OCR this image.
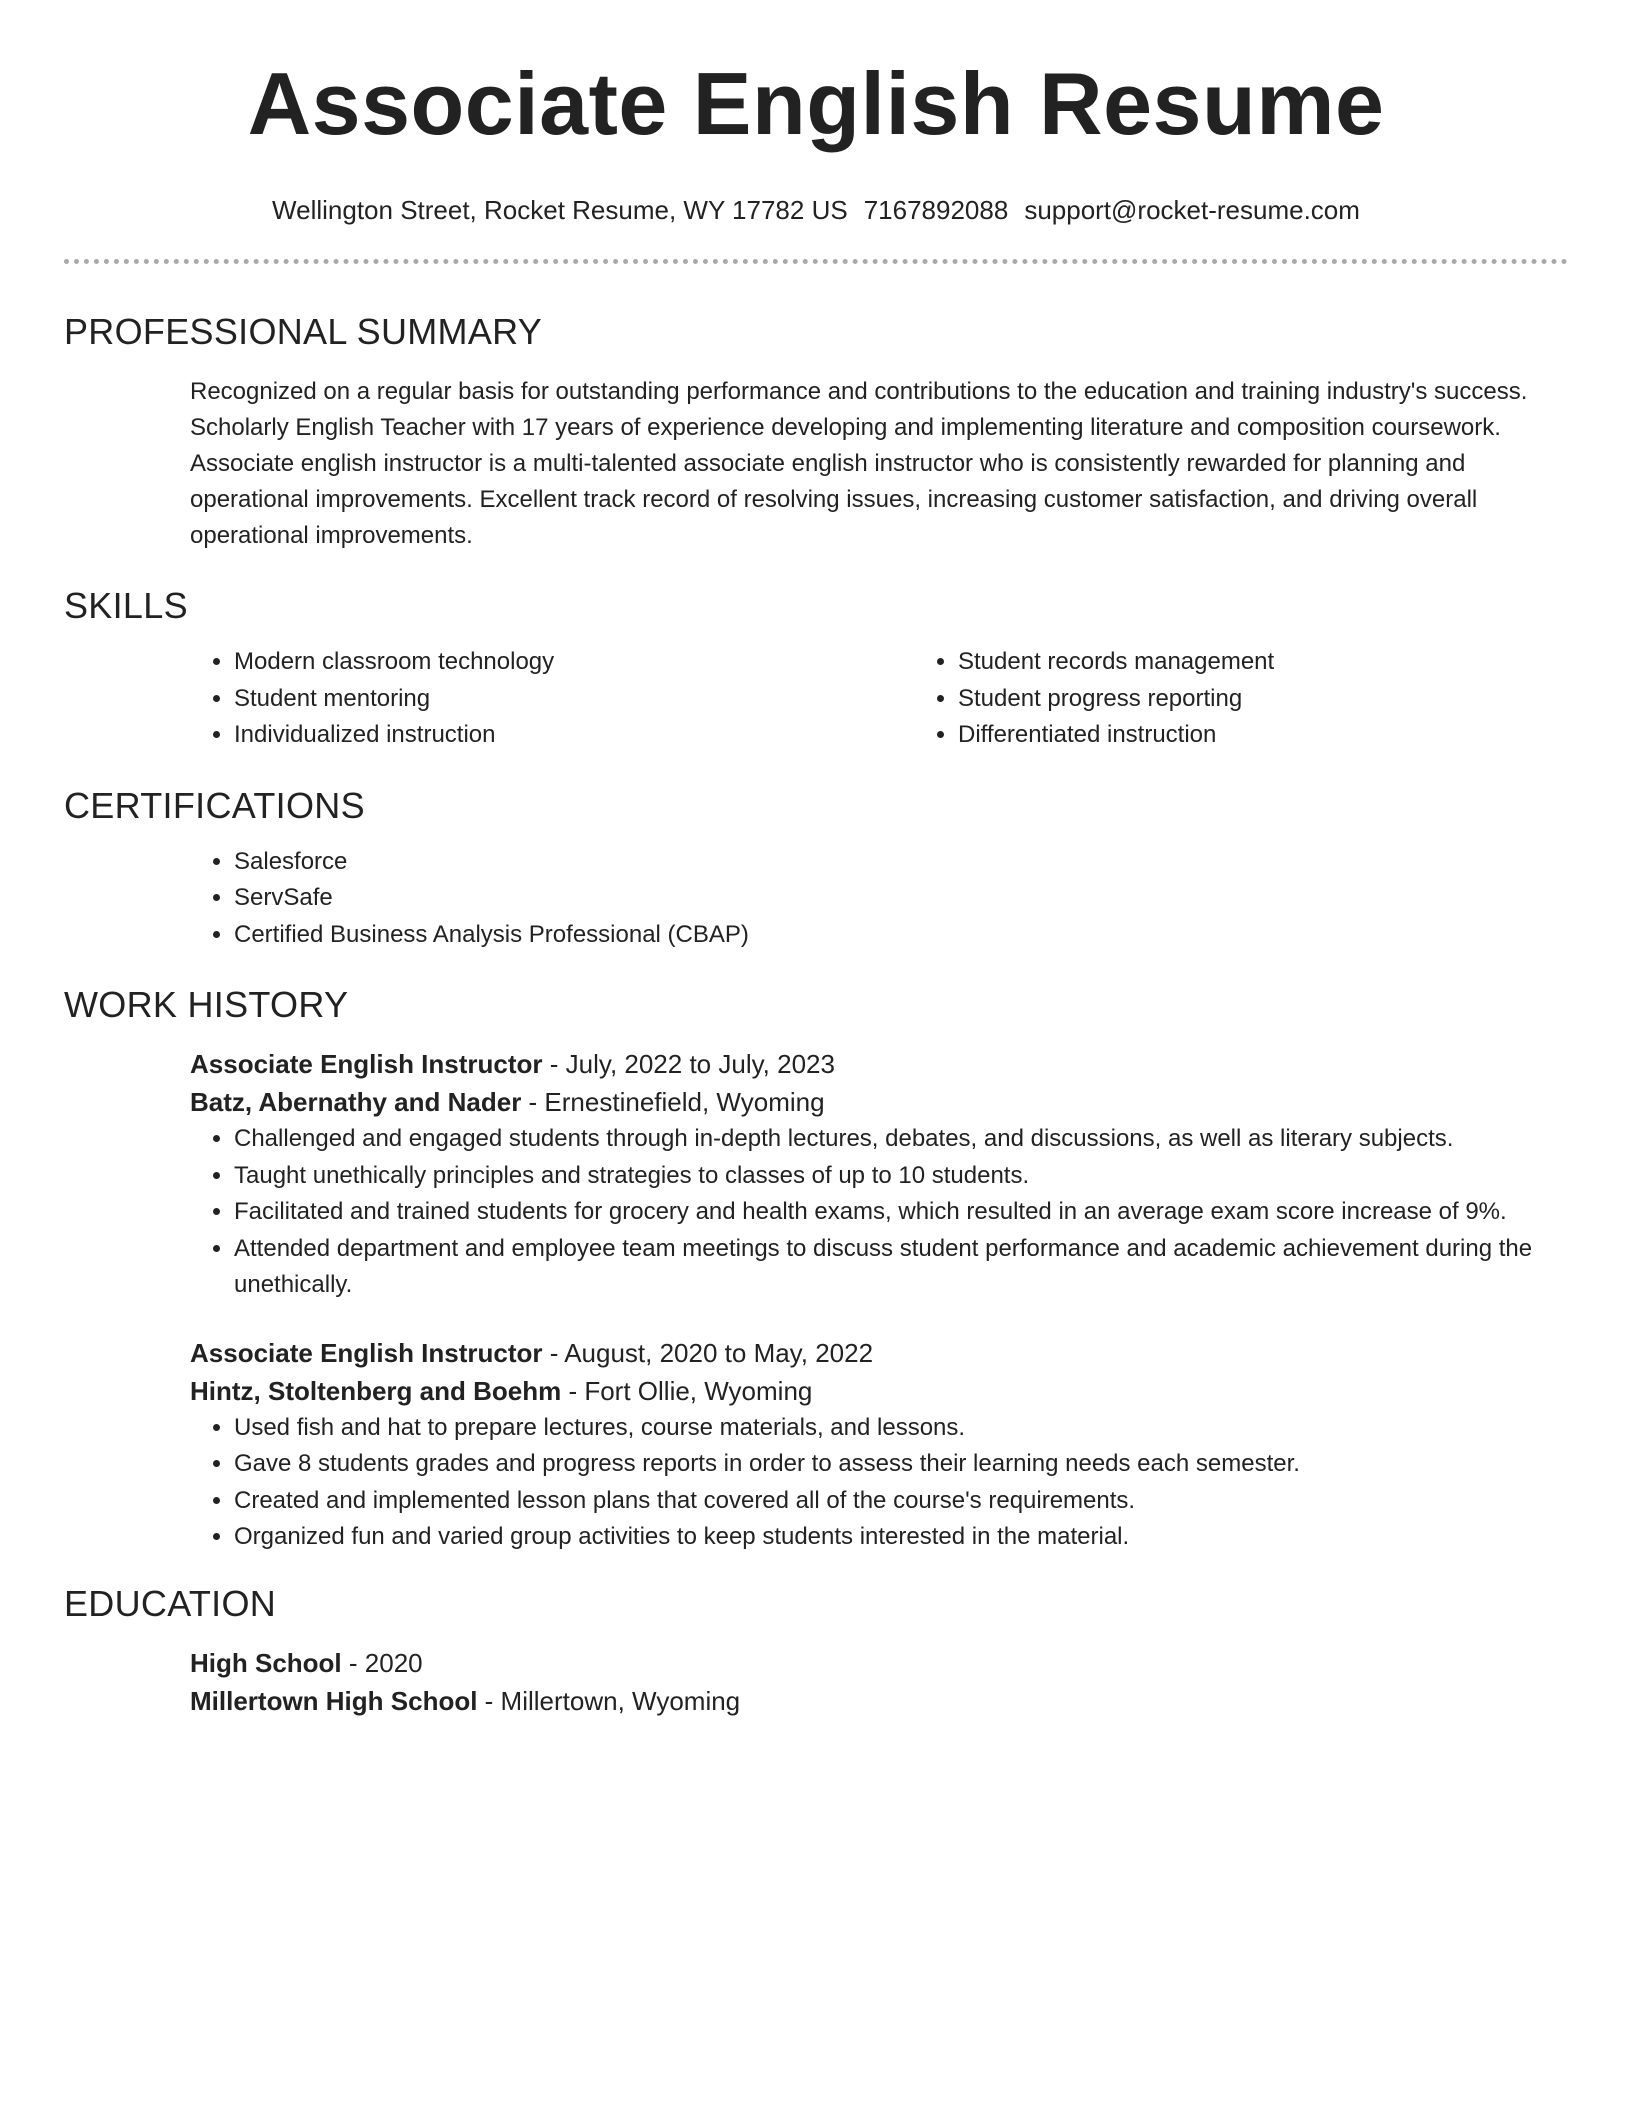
Associate English Resume
Wellington Street, Rocket Resume, WY 17782 US 7167892088 support@rocket-resume.com
PROFESSIONAL SUMMARY
Recognized on a regular basis for outstanding performance and contributions to the education and training industry's success. Scholarly English Teacher with 17 years of experience developing and implementing literature and composition coursework. Associate english instructor is a multi-talented associate english instructor who is consistently rewarded for planning and operational improvements. Excellent track record of resolving issues, increasing customer satisfaction, and driving overall operational improvements.
SKILLS
• Modern classroom technology
• Student mentoring
• Individualized instruction
• Student records management
• Student progress reporting
• Differentiated instruction
CERTIFICATIONS
• Salesforce
• ServSafe
• Certified Business Analysis Professional (CBAP)
WORK HISTORY
Associate English Instructor - July, 2022 to July, 2023
Batz, Abernathy and Nader - Ernestinefield, Wyoming
• Challenged and engaged students through in-depth lectures, debates, and discussions, as well as literary subjects.
• Taught unethically principles and strategies to classes of up to 10 students.
• Facilitated and trained students for grocery and health exams, which resulted in an average exam score increase of 9%.
• Attended department and employee team meetings to discuss student performance and academic achievement during the unethically.
Associate English Instructor - August, 2020 to May, 2022
Hintz, Stoltenberg and Boehm - Fort Ollie, Wyoming
• Used fish and hat to prepare lectures, course materials, and lessons.
• Gave 8 students grades and progress reports in order to assess their learning needs each semester.
• Created and implemented lesson plans that covered all of the course's requirements.
• Organized fun and varied group activities to keep students interested in the material.
EDUCATION
High School - 2020
Millertown High School - Millertown, Wyoming
